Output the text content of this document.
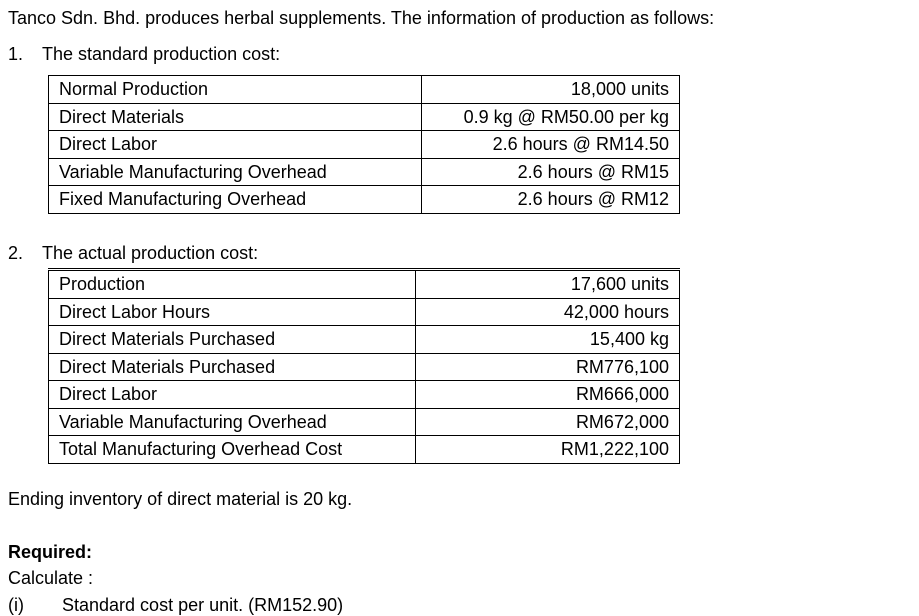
Tanco Sdn. Bhd. produces herbal supplements. The information of production as follows:
1. The standard production cost:
Normal Production	18,000 units
Direct Materials	0.9 kg @ RM50.00 per kg
Direct Labor	2.6 hours @ RM14.50
Variable Manufacturing Overhead	2.6 hours @ RM15
Fixed Manufacturing Overhead	2.6 hours @ RM12
2. The actual production cost:
Production	17,600 units
Direct Labor Hours	42,000 hours
Direct Materials Purchased	15,400 kg
Direct Materials Purchased	RM776,100
Direct Labor	RM666,000
Variable Manufacturing Overhead	RM672,000
Total Manufacturing Overhead Cost	RM1,222,100
Ending inventory of direct material is 20 kg.
Required:
Calculate :
(i) Standard cost per unit. (RM152.90)
